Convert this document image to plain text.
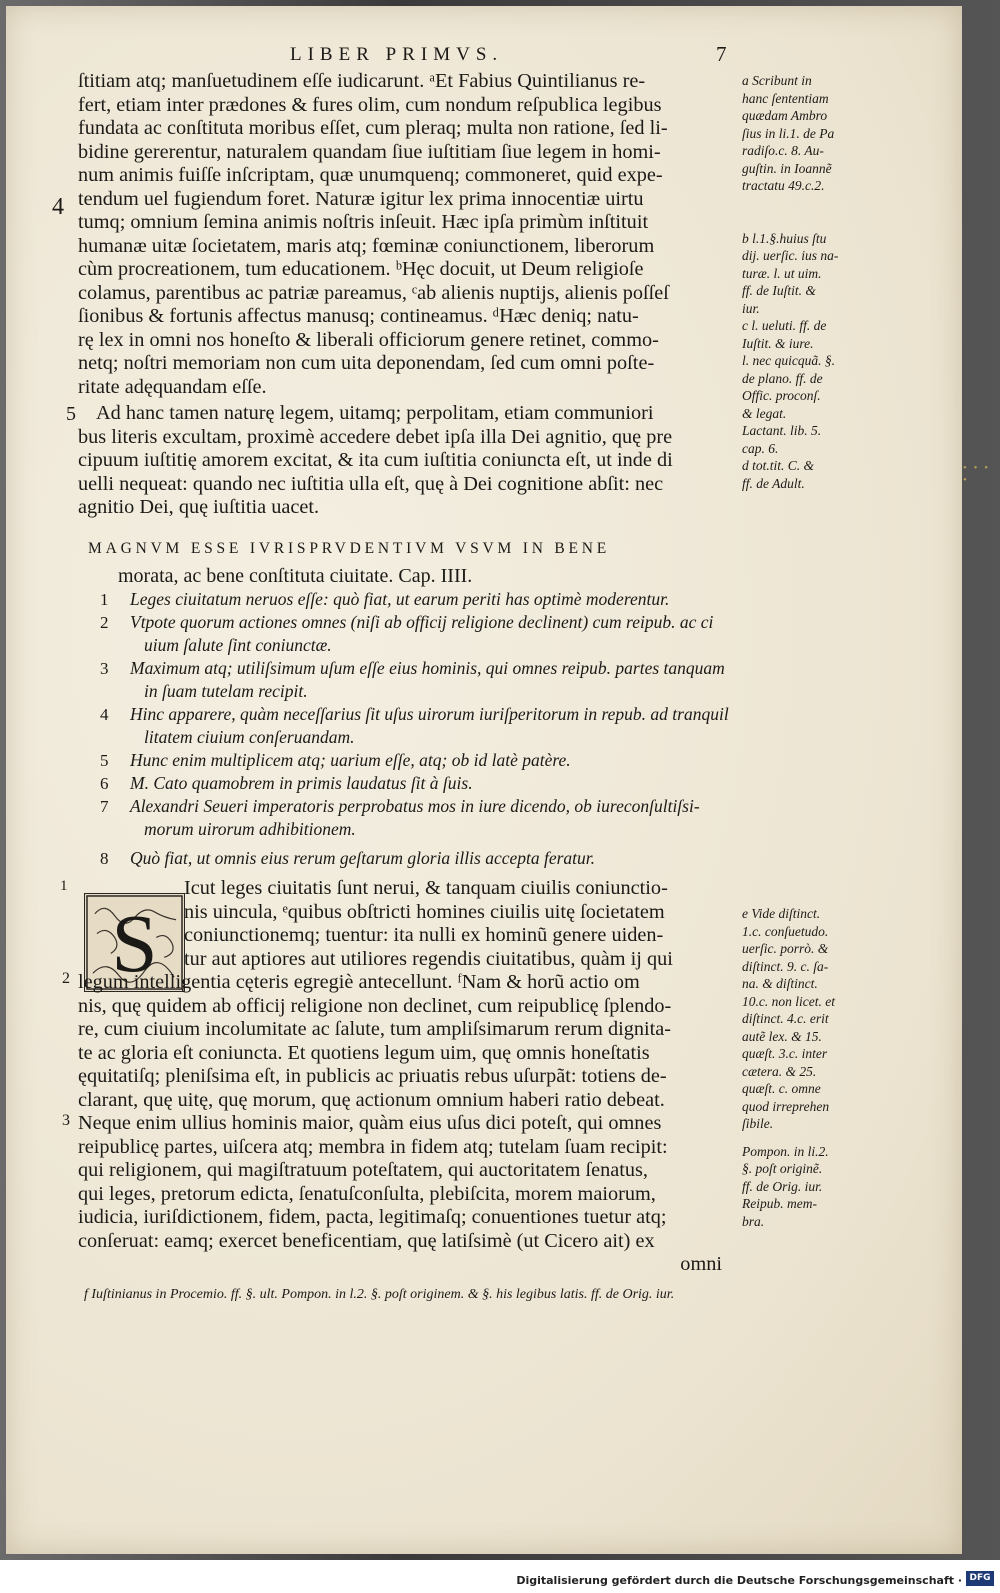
LIBER PRIMVS.	7
ſtitiam atq; manſuetudinem eſſe iudicarunt. ᵃEt Fabius Quintilianus re-
fert, etiam inter prædones & fures olim, cum nondum reſpublica legibus
fundata ac conſtituta moribus eſſet, cum pleraq; multa non ratione, ſed li-
bidine gererentur, naturalem quandam ſiue iuſtitiam ſiue legem in homi-
num animis fuiſſe inſcriptam, quæ unumquenq; commoneret, quid expe-
tendum uel fugiendum foret. Naturæ igitur lex prima innocentiæ uirtu
tumq; omnium ſemina animis noſtris inſeuit. Hæc ipſa primùm inſtituit
humanæ uitæ ſocietatem, maris atq; fœminæ coniunctionem, liberorum
cùm procreationem, tum educationem. ᵇHęc docuit, ut Deum religioſe
colamus, parentibus ac patriæ pareamus, ᶜab alienis nuptijs, alienis poſſeſ
ſionibus & fortunis affectus manusq; contineamus. ᵈHæc deniq; natu-
rę lex in omni nos honeſto & liberali officiorum genere retinet, commo-
netq; noſtri memoriam non cum uita deponendam, ſed cum omni poſte-
ritate adęquandam eſſe.
Ad hanc tamen naturę legem, uitamq; perpolitam, etiam communiori
bus literis excultam, proximè accedere debet ipſa illa Dei agnitio, quę pre
cipuum iuſtitię amorem excitat, & ita cum iuſtitia coniuncta eſt, ut inde di
uelli nequeat: quando nec iuſtitia ulla eſt, quę à Dei cognitione abſit: nec
agnitio Dei, quę iuſtitia uacet.
4
5
MAGNVM ESSE IVRISPRVDENTIVM VSVM IN BENE
morata, ac bene conſtituta ciuitate. Cap. IIII.
1 Leges ciuitatum neruos eſſe: quò fiat, ut earum periti has optimè moderentur.
2 Vtpote quorum actiones omnes (niſi ab officij religione declinent) cum reipub. ac ci
uium ſalute ſint coniunctæ.
3 Maximum atq; utiliſsimum uſum eſſe eius hominis, qui omnes reipub. partes tanquam
in ſuam tutelam recipit.
4 Hinc apparere, quàm neceſſarius ſit uſus uirorum iuriſperitorum in repub. ad tranquil
litatem ciuium conſeruandam.
5 Hunc enim multiplicem atq; uarium eſſe, atq; ob id latè patère.
6 M. Cato quamobrem in primis laudatus ſit à ſuis.
7 Alexandri Seueri imperatoris perprobatus mos in iure dicendo, ob iureconſultiſsi-
morum uirorum adhibitionem.
8 Quò fiat, ut omnis eius rerum geſtarum gloria illis accepta feratur.
S
Icut leges ciuitatis ſunt nerui, & tanquam ciuilis coniunctio-
nis uincula, ᵉquibus obſtricti homines ciuilis uitę ſocietatem
coniunctionemq; tuentur: ita nulli ex hominũ genere uiden-
tur aut aptiores aut utiliores regendis ciuitatibus, quàm ij qui
legum intelligentia cęteris egregiè antecellunt. ᶠNam & horũ actio om
nis, quę quidem ab officij religione non declinet, cum reipublicę ſplendo-
re, cum ciuium incolumitate ac ſalute, tum ampliſsimarum rerum dignita-
te ac gloria eſt coniuncta. Et quotiens legum uim, quę omnis honeſtatis
ęquitatiſq; pleniſsima eſt, in publicis ac priuatis rebus uſurpãt: totiens de-
clarant, quę uitę, quę morum, quę actionum omnium haberi ratio debeat.
Neque enim ullius hominis maior, quàm eius uſus dici poteſt, qui omnes
reipublicę partes, uiſcera atq; membra in fidem atq; tutelam ſuam recipit:
qui religionem, qui magiſtratuum poteſtatem, qui auctoritatem ſenatus,
qui leges, pretorum edicta, ſenatuſconſulta, plebiſcita, morem maiorum,
iudicia, iuriſdictionem, fidem, pacta, legitimaſq; conuentiones tuetur atq;
conſeruat: eamq; exercet beneficentiam, quę latiſsimè (ut Cicero ait) ex
omni
1
2
3
a Scribunt in
hanc ſententiam
quædam Ambro
ſius in li.1. de Pa
radiſo.c. 8. Au-
guſtin. in Ioannẽ
tractatu 49.c.2.
b l.1.§.huius ſtu
dij. uerſic. ius na-
turæ. l. ut uim.
ff. de Iuſtit. &
iur.
c l. ueluti. ff. de
Iuſtit. & iure.
l. nec quicquã. §.
de plano. ff. de
Offic. proconſ.
& legat.
Lactant. lib. 5.
cap. 6.
d tot.tit. C. &
ff. de Adult.
e Vide diſtinct.
1.c. conſuetudo.
uerſic. porrò. &
diſtinct. 9. c. ſa-
na. & diſtinct.
10.c. non licet. et
diſtinct. 4.c. erit
autẽ lex. & 15.
quæſt. 3.c. inter
cætera. & 25.
quæſt. c. omne
quod irreprehen
ſibile.
Pompon. in li.2.
§. poſt originẽ.
ff. de Orig. iur.
Reipub. mem-
bra.
f Iuſtinianus in Procemio. ff. §. ult. Pompon. in l.2. §. poſt originem. & §. his legibus latis. ff. de Orig. iur.
• • • •
Digitalisierung gefördert durch die Deutsche Forschungsgemeinschaft · DFG
